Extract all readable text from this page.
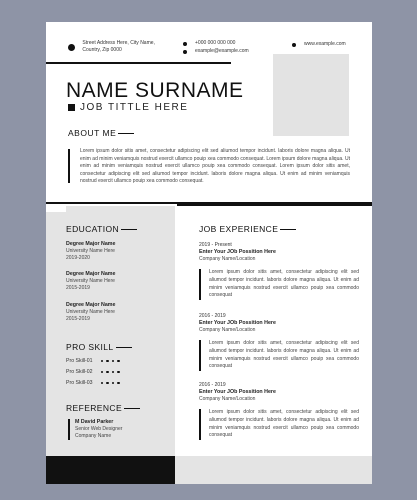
Street Address Here, City Name,
Country, Zip 0000
+000 000 000 000
example@example.com
www.example.com
NAME SURNAME
JOB TITTLE HERE
ABOUT ME
Lorem ipsum dolor sitis amet, consectetur adipiscing elit sed aliumod tempor incidunt. laboris dolore magna aliqua. Ut enim ad minim veniamquis nostrud exercit ullamco pouip xea commodo consequat. Lorem ipsum dolore magna aliqua. Ut enim ad minim veniamquis nostrud exercit ullamco pouip xea commodo consequat. Lorem ipsum dolor sitis amet, consectetur adipiscing elit sed aliumod tempor incidunt. laboris dolore magna aliqua. Ut enim ad minim veniamquis nostrud exercit ullamco pouip xea commodo consequat.
EDUCATION
Degree Major Name
University Name Here
2019-2020
Degree Major Name
University Name Here
2015-2019
Degree Major Name
University Name Here
2015-2019
PRO SKILL
Pro Skill-01
Pro Skill-02
Pro Skill-03
REFERENCE
M David Parker
Senior Web Designer
Company Name
JOB EXPERIENCE
2019 - Present
Enter Your JOb Possition Here
Company Name/Location
Lorem ipsum dolor sitis amet, consectetur adipiscing elit sed aliumod tempor incidunt. laboris dolore magna aliqua. Ut enim ad minim veniamquis nostrud exercit ullamco pouip xea commodo consequat
2016 - 2019
Enter Your JOb Possition Here
Company Name/Location
Lorem ipsum dolor sitis amet, consectetur adipiscing elit sed aliumod tempor incidunt. laboris dolore magna aliqua. Ut enim ad minim veniamquis nostrud exercit ullamco pouip xea commodo consequat
2016 - 2019
Enter Your JOb Possition Here
Company Name/Location
Lorem ipsum dolor sitis amet, consectetur adipiscing elit sed aliumod tempor incidunt. laboris dolore magna aliqua. Ut enim ad minim veniamquis nostrud exercit ullamco pouip xea commodo consequat
